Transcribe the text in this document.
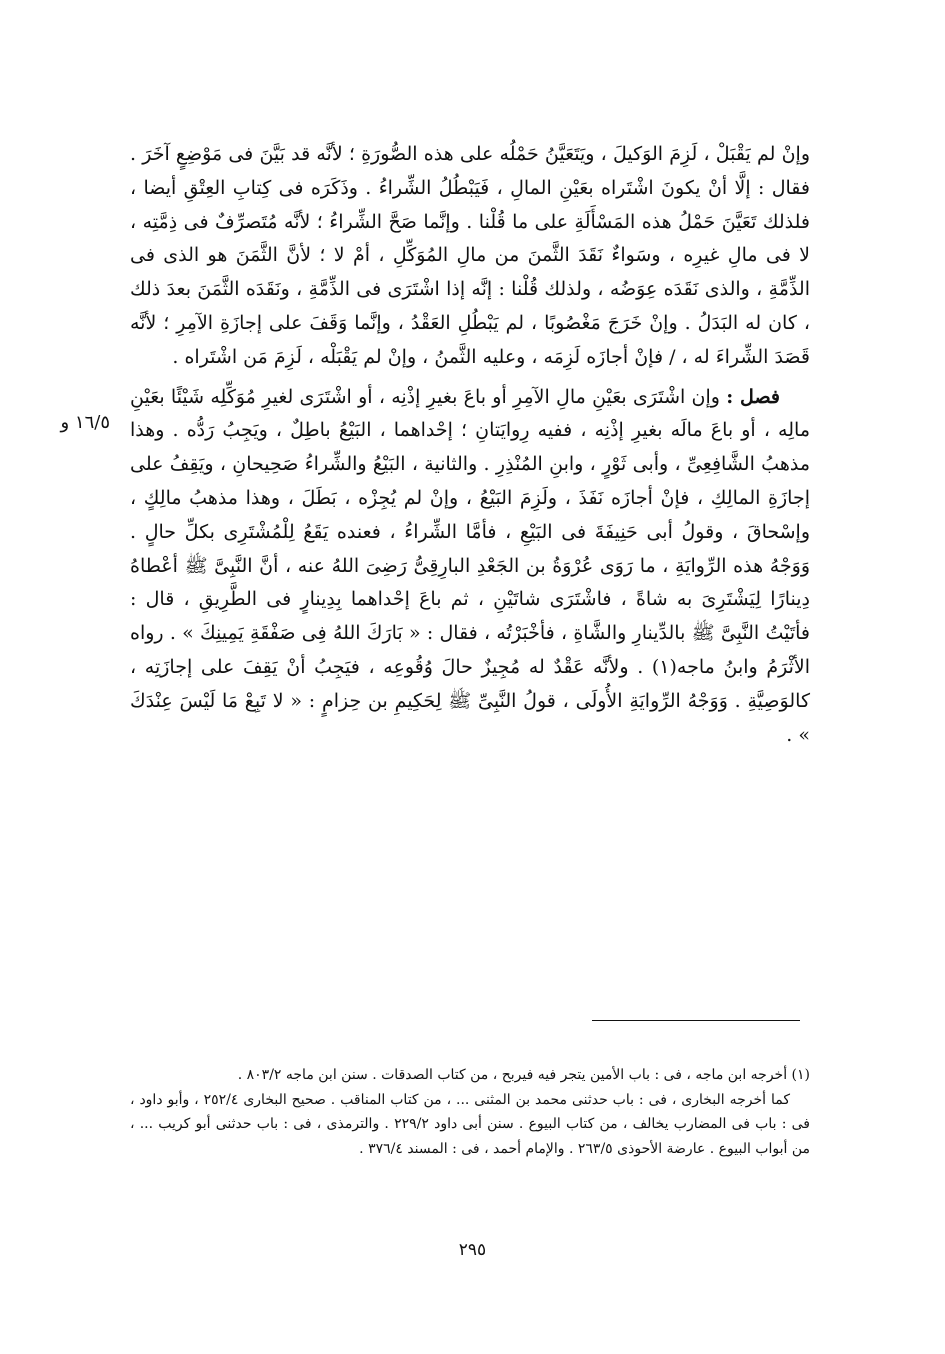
وإنْ لم يَقْبَلْ ، لَزِمَ الوَكيلَ ، ويَتَعَيَّنُ حَمْلُه على هذه الصُّورَةِ ؛ لأنَّه قد بَيَّنَ فى مَوْضِعٍ آخَرَ . فقال : إلَّا أنْ يكونَ اشْتَراه بعَيْنِ المالِ ، فَيَبْطُلُ الشِّراءُ . وذَكَرَه فى كِتابِ العِتْقِ أيضا ، فلذلك تَعَيَّنَ حَمْلُ هذه المَسْأَلَةِ على ما قُلْنا . وإنَّما صَحَّ الشِّراءُ ؛ لأنَّه مُتَصرِّفٌ فى ذِمَّتِه ، لا فى مالِ غيرِه ، وسَواءٌ نَقَدَ الثَّمنَ من مالِ المُوَكِّلِ ، أمْ لا ؛ لأنَّ الثَّمَنَ هو الذى فى الذِّمَّةِ ، والذى نَقَدَه عِوَضُه ، ولذلك قُلْنا : إنَّه إذا اشْتَرَى فى الذِّمَّةِ ، ونَقَدَه الثَّمَنَ بعدَ ذلك ، كان له البَدَلُ . وإنْ خَرَجَ مَغْصُوبًا ، لم يَبْطُلِ العَقْدُ ، وإنَّما وَقَفَ على إجازَةِ الآمِرِ ؛ لأنَّه قَصَدَ الشِّراءَ له ، / فإنْ أجازَه لَزِمَه ، وعليه الثَّمنُ ، وإنْ لم يَقْبَلْه ، لَزِمَ مَن اشْتَراه .

فصل : وإن اشْتَرَى بعَيْنِ مالِ الآمِرِ أو باعَ بغيرِ إذْنِه ، أو اشْتَرَى لغيرِ مُوَكِّلِه شَيْئًا بعَيْنِ مالِه ، أو باعَ مالَه بغيرِ إذْنِه ، ففيه رِوايَتانِ ؛ إحْداهما ، البَيْعُ باطِلٌ ، ويَجِبُ رَدُّه . وهذا مذهبُ الشَّافِعِىِّ ، وأبى ثَوْرٍ ، وابنِ المُنْذِرِ . والثانية ، البَيْعُ والشِّراءُ صَحِيحانِ ، ويَقِفُ على إجازَةِ المالِكِ ، فإنْ أجازَه نَفَذَ ، ولَزِمَ البَيْعُ ، وإنْ لم يُجِزْه ، بَطَلَ ، وهذا مذهبُ مالِكٍ ، وإسْحاقَ ، وقولُ أبى حَنِيفَةَ فى البَيْعِ ، فأمَّا الشِّراءُ ، فعنده يَقَعُ لِلْمُشْتَرِى بكلِّ حالٍ . وَوَجْهُ هذه الرِّوايَةِ ، ما رَوَى عُرْوَةُ بن الجَعْدِ البارِقِىُّ رَضِىَ اللهُ عنه ، أنَّ النَّبِىَّ ﷺ أعْطاهُ دِينارًا لِيَشْتَرِىَ به شاةً ، فاشْتَرَى شاتَيْنِ ، ثم باعَ إحْداهما بِدِينارٍ فى الطَّرِيقِ ، قال : فأتَيْتُ النَّبِىَّ ﷺ بالدِّينارِ والشَّاةِ ، فأخْبَرْتُه ، فقال : « بَارَكَ اللهُ فِى صَفْقَةِ يَمِينِكَ » . رواه الأثْرَمُ وابنُ ماجه(١) . ولأنَّه عَقْدٌ له مُجِيزٌ حالَ وُقُوعِه ، فيَجِبُ أنْ يَقِفَ على إجازَتِه ، كالوَصِيَّةِ . وَوَجْهُ الرِّوايَةِ الأُولَى ، قولُ النَّبِىِّ ﷺ لِحَكِيمِ بن حِزامٍ : « لا تَبِعْ مَا لَيْسَ عِنْدَكَ » .

١٦/٥ و

(١) أخرجه ابن ماجه ، فى : باب الأمين يتجر فيه فيربح ، من كتاب الصدقات . سنن ابن ماجه ٨٠٣/٢ .

كما أخرجه البخارى ، فى : باب حدثنى محمد بن المثنى ... ، من كتاب المناقب . صحيح البخارى ٢٥٢/٤ ، وأبو داود ، فى : باب فى المضارب يخالف ، من كتاب البيوع . سنن أبى داود ٢٢٩/٢ . والترمذى ، فى : باب حدثنى أبو كريب ... ، من أبواب البيوع . عارضة الأحوذى ٢٦٣/٥ . والإمام أحمد ، فى : المسند ٣٧٦/٤ .

٢٩٥
